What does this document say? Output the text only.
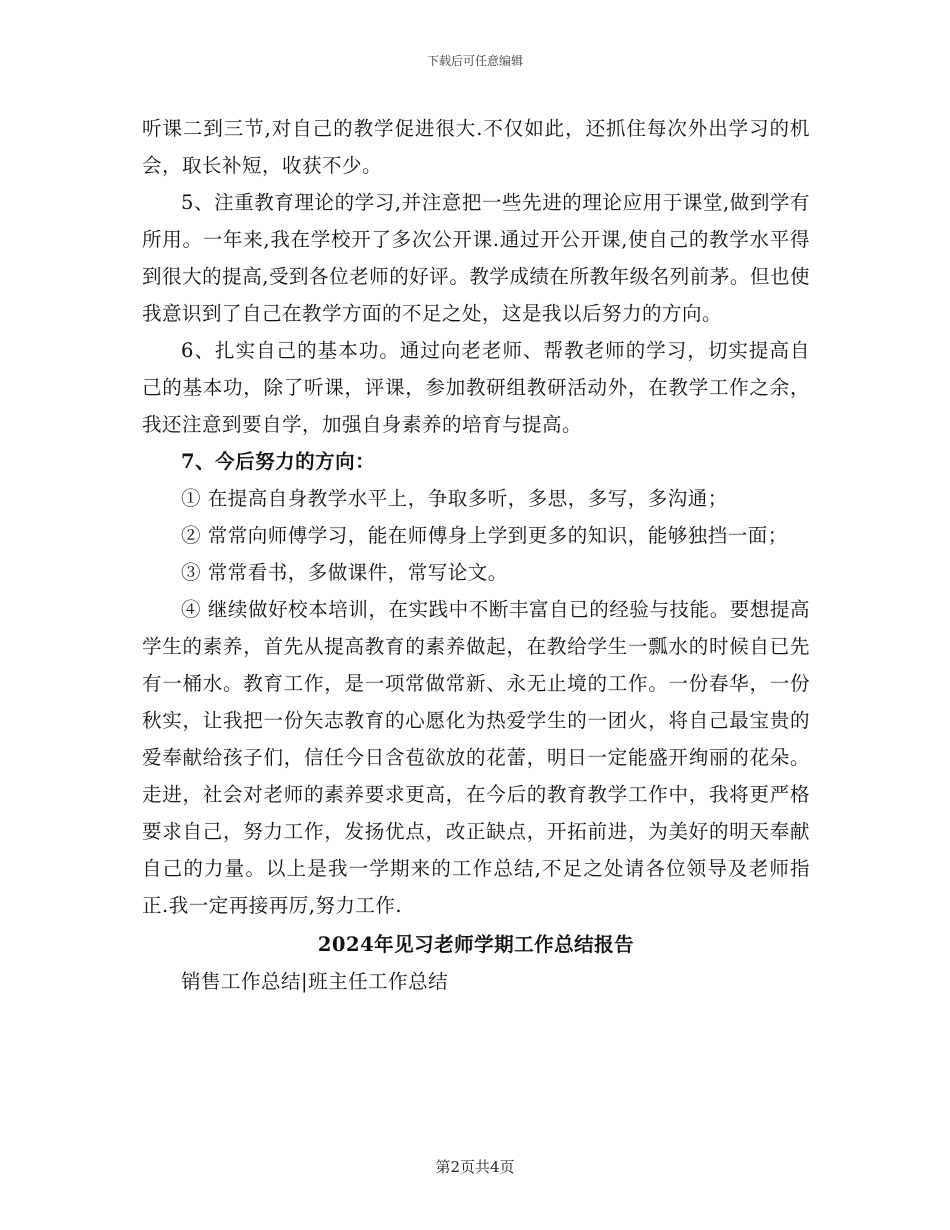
下载后可任意编辑

听课二到三节,对自己的教学促进很大.不仅如此，还抓住每次外出学习的机会，取长补短，收获不少。

5、注重教育理论的学习,并注意把一些先进的理论应用于课堂,做到学有所用。一年来,我在学校开了多次公开课.通过开公开课,使自己的教学水平得到很大的提高,受到各位老师的好评。教学成绩在所教年级名列前茅。但也使我意识到了自己在教学方面的不足之处，这是我以后努力的方向。

6、扎实自己的基本功。通过向老老师、帮教老师的学习，切实提高自己的基本功，除了听课，评课，参加教研组教研活动外，在教学工作之余，我还注意到要自学，加强自身素养的培育与提高。

7、今后努力的方向：

① 在提高自身教学水平上，争取多听，多思，多写，多沟通；

② 常常向师傅学习，能在师傅身上学到更多的知识，能够独挡一面；

③ 常常看书，多做课件，常写论文。

④ 继续做好校本培训，在实践中不断丰富自已的经验与技能。要想提高学生的素养，首先从提高教育的素养做起，在教给学生一瓢水的时候自已先有一桶水。教育工作，是一项常做常新、永无止境的工作。一份春华，一份秋实，让我把一份矢志教育的心愿化为热爱学生的一团火，将自己最宝贵的爱奉献给孩子们，信任今日含苞欲放的花蕾，明日一定能盛开绚丽的花朵。走进，社会对老师的素养要求更高，在今后的教育教学工作中，我将更严格要求自己，努力工作，发扬优点，改正缺点，开拓前进，为美好的明天奉献自己的力量。以上是我一学期来的工作总结,不足之处请各位领导及老师指正.我一定再接再厉,努力工作.

2024年见习老师学期工作总结报告

销售工作总结|班主任工作总结

第2页共4页
